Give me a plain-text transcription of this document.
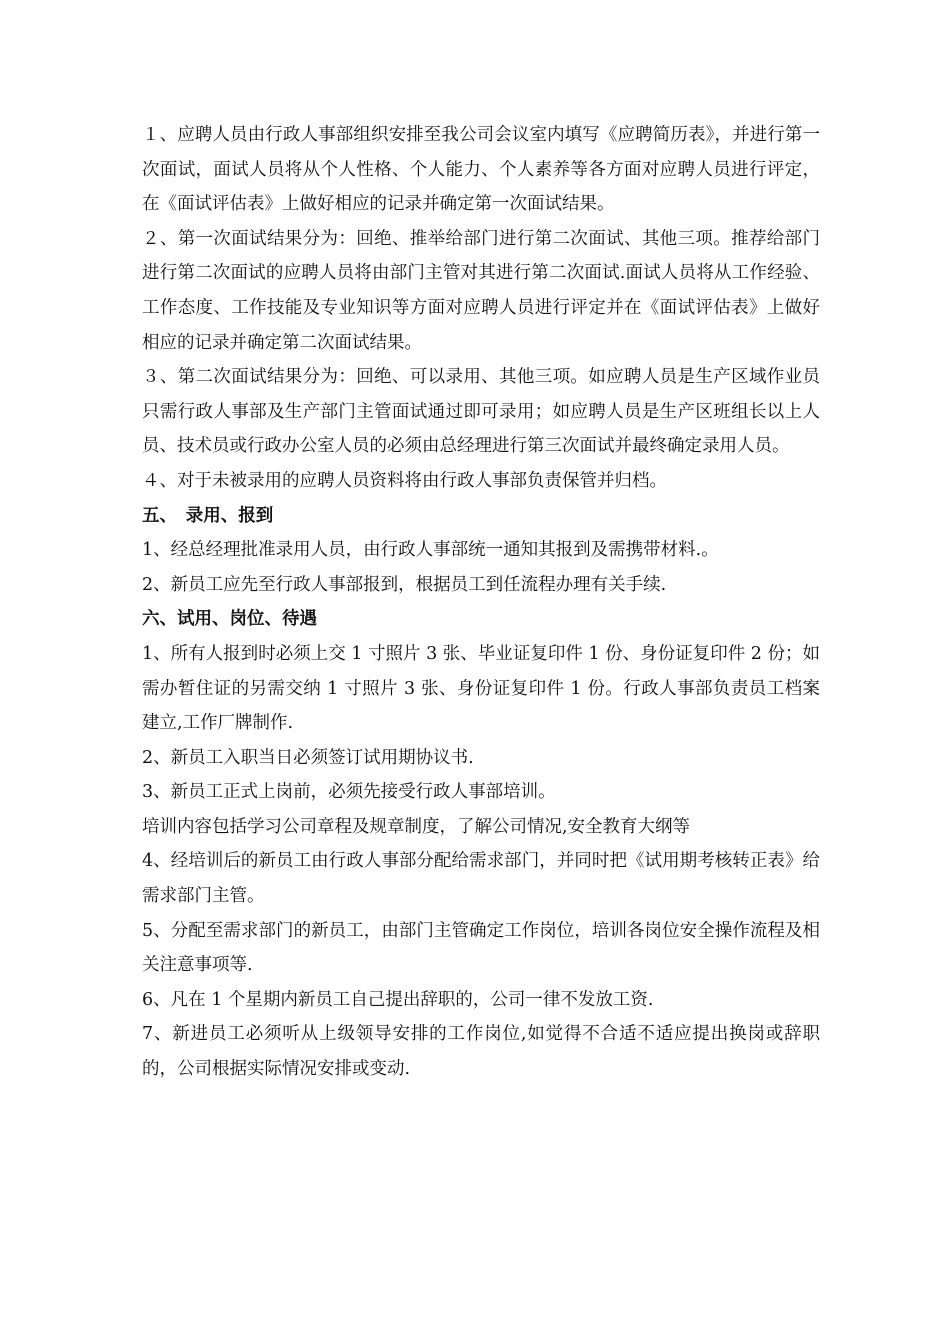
１、应聘人员由行政人事部组织安排至我公司会议室内填写《应聘简历表》，并进行第一次面试，面试人员将从个人性格、个人能力、个人素养等各方面对应聘人员进行评定，在《面试评估表》上做好相应的记录并确定第一次面试结果。

２、第一次面试结果分为：回绝、推举给部门进行第二次面试、其他三项。推荐给部门进行第二次面试的应聘人员将由部门主管对其进行第二次面试.面试人员将从工作经验、工作态度、工作技能及专业知识等方面对应聘人员进行评定并在《面试评估表》上做好相应的记录并确定第二次面试结果。

３、第二次面试结果分为：回绝、可以录用、其他三项。如应聘人员是生产区域作业员只需行政人事部及生产部门主管面试通过即可录用；如应聘人员是生产区班组长以上人员、技术员或行政办公室人员的必须由总经理进行第三次面试并最终确定录用人员。

４、对于未被录用的应聘人员资料将由行政人事部负责保管并归档。

五、　录用、报到

1、经总经理批准录用人员，由行政人事部统一通知其报到及需携带材料.。

2、新员工应先至行政人事部报到，根据员工到任流程办理有关手续.

六、试用、岗位、待遇

1、所有人报到时必须上交 1 寸照片 3 张、毕业证复印件 1 份、身份证复印件 2 份；如需办暂住证的另需交纳 1 寸照片 3 张、身份证复印件 1 份。行政人事部负责员工档案建立,工作厂牌制作.

2、新员工入职当日必须签订试用期协议书.

3、新员工正式上岗前，必须先接受行政人事部培训。

培训内容包括学习公司章程及规章制度，了解公司情况,安全教育大纲等

4、经培训后的新员工由行政人事部分配给需求部门，并同时把《试用期考核转正表》给需求部门主管。

5、分配至需求部门的新员工，由部门主管确定工作岗位，培训各岗位安全操作流程及相关注意事项等.

6、凡在 1 个星期内新员工自己提出辞职的，公司一律不发放工资.

7、新进员工必须听从上级领导安排的工作岗位,如觉得不合适不适应提出换岗或辞职的，公司根据实际情况安排或变动.
